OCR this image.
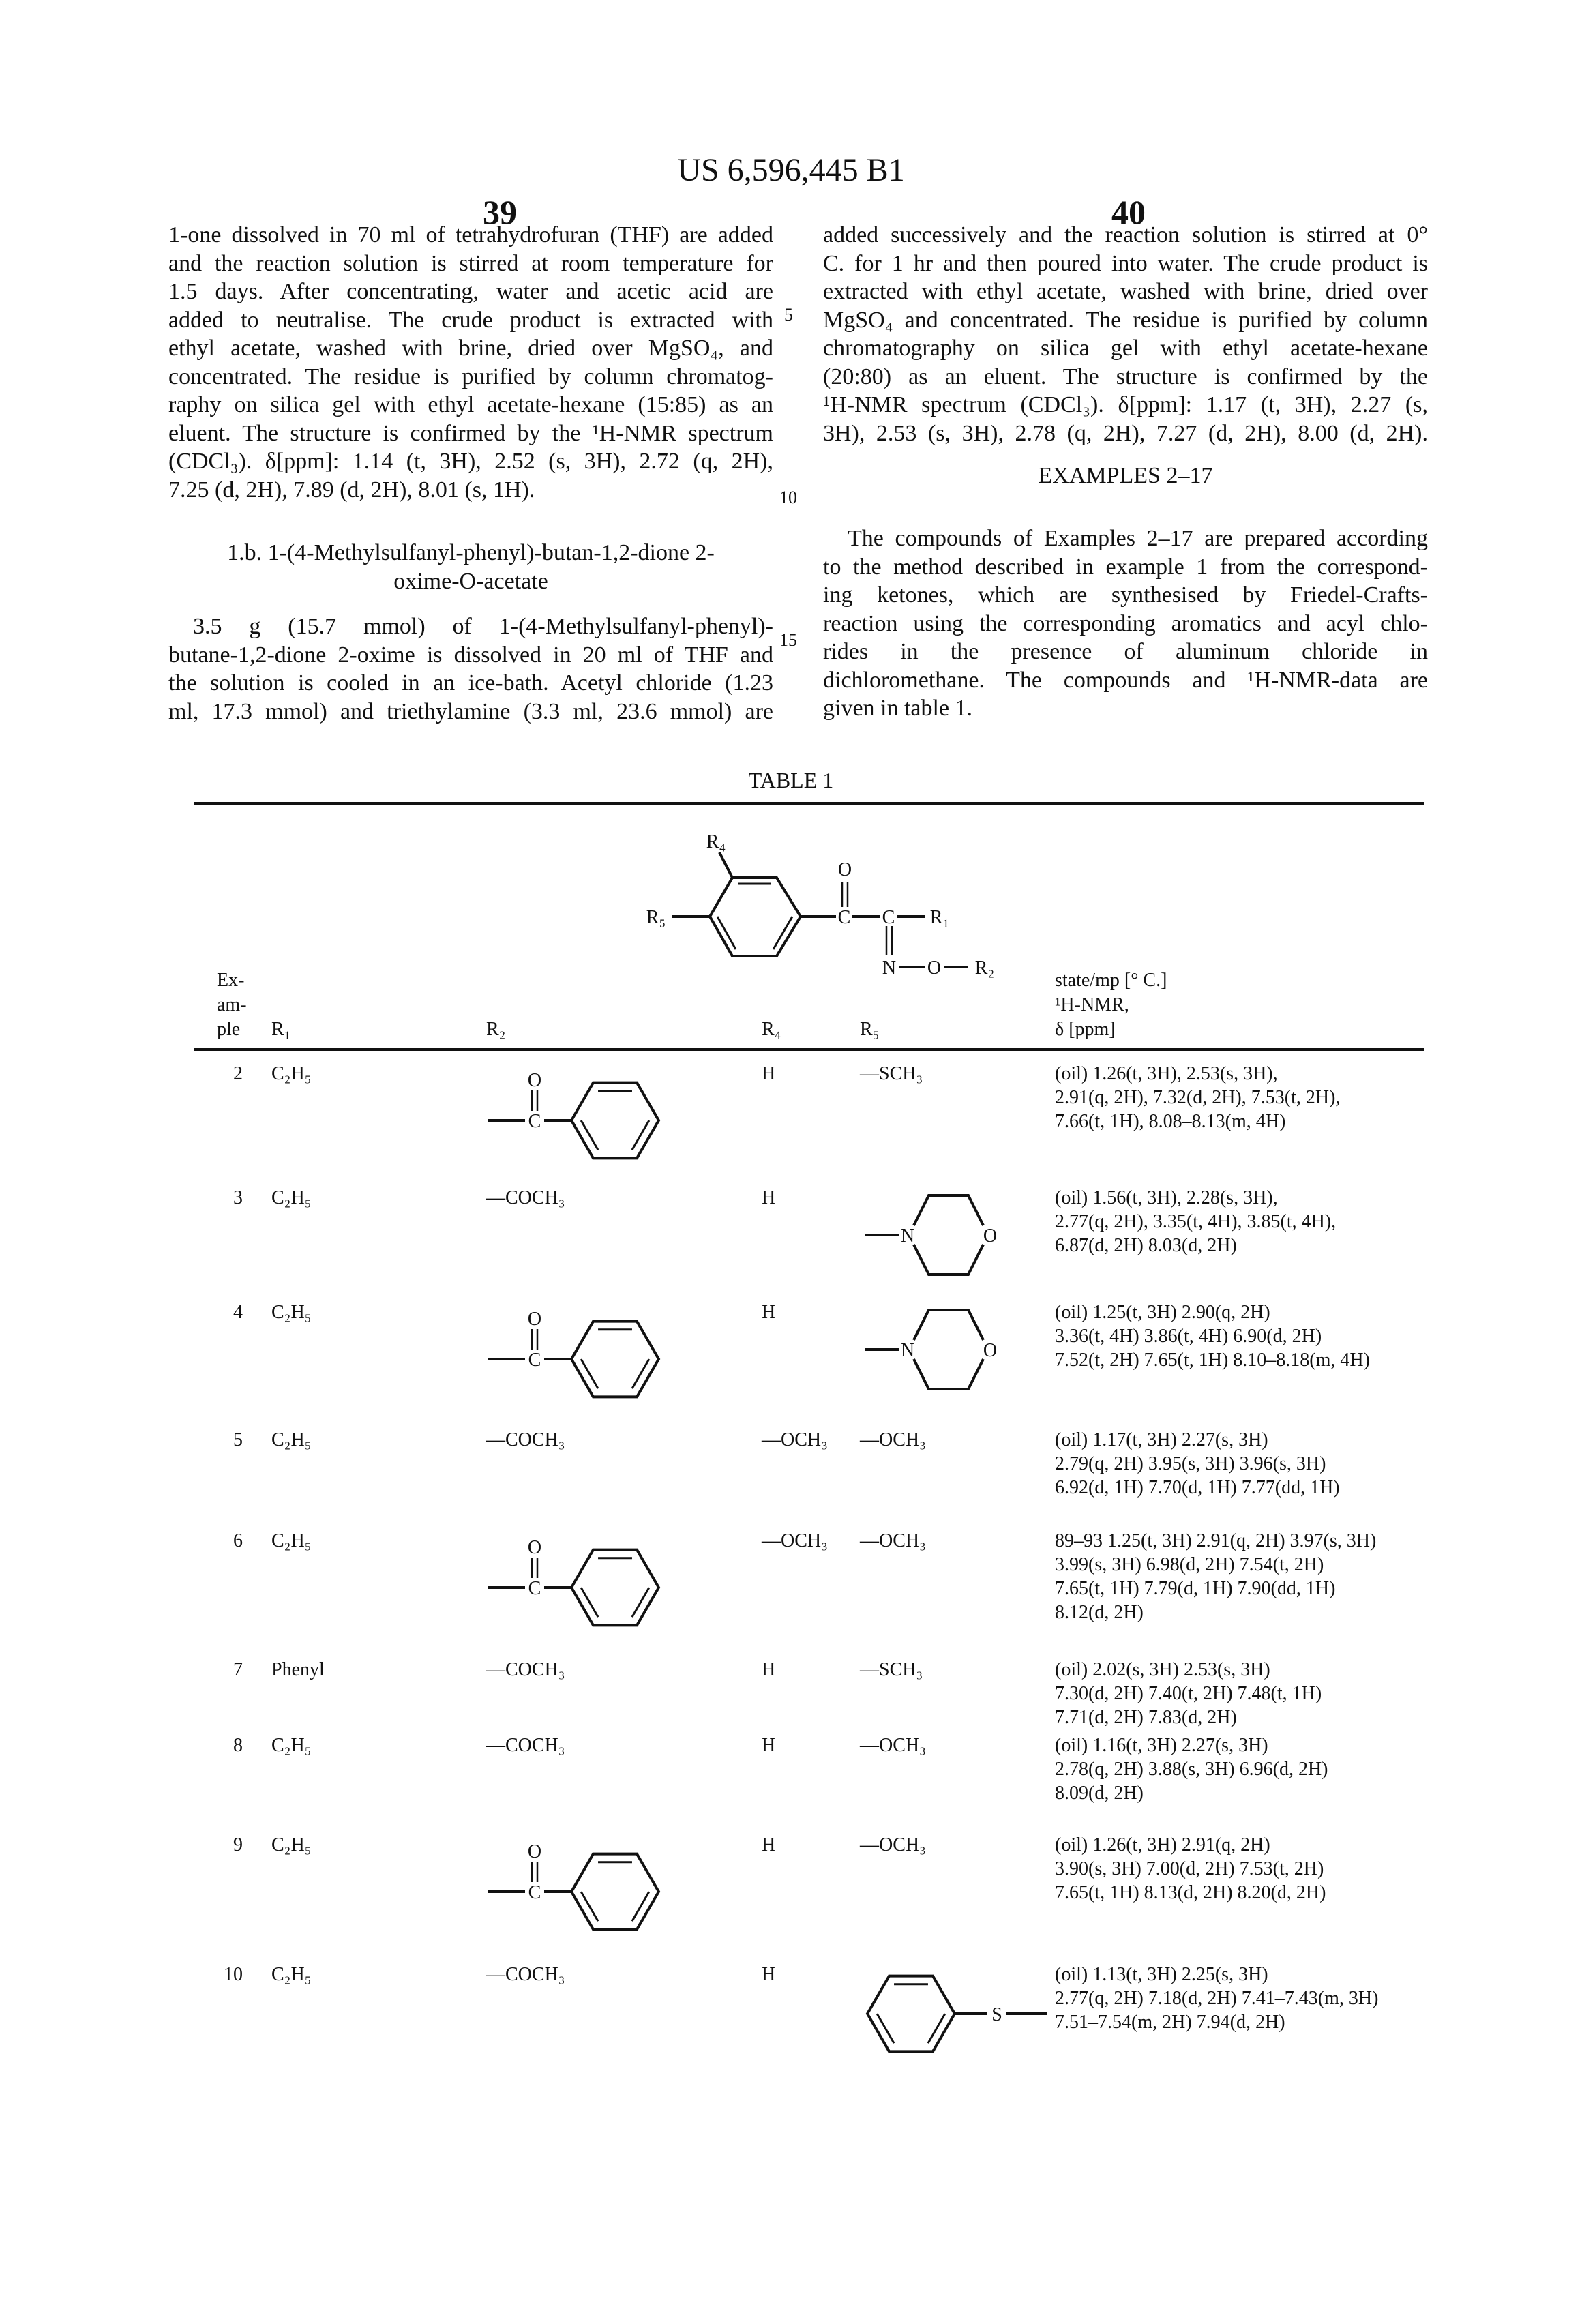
US 6,596,445 B1
39	40
1-one dissolved in 70 ml of tetrahydrofuran (THF) are added
and the reaction solution is stirred at room temperature for
1.5 days. After concentrating, water and acetic acid are
added to neutralise. The crude product is extracted with
ethyl acetate, washed with brine, dried over MgSO₄, and
concentrated. The residue is purified by column chromatog-
raphy on silica gel with ethyl acetate-hexane (15:85) as an
eluent. The structure is confirmed by the ¹H-NMR spectrum
(CDCl₃). δ[ppm]: 1.14 (t, 3H), 2.52 (s, 3H), 2.72 (q, 2H),
7.25 (d, 2H), 7.89 (d, 2H), 8.01 (s, 1H).
1.b. 1-(4-Methylsulfanyl-phenyl)-butan-1,2-dione 2-
oxime-O-acetate
3.5 g (15.7 mmol) of 1-(4-Methylsulfanyl-phenyl)-
butane-1,2-dione 2-oxime is dissolved in 20 ml of THF and
the solution is cooled in an ice-bath. Acetyl chloride (1.23
ml, 17.3 mmol) and triethylamine (3.3 ml, 23.6 mmol) are
added successively and the reaction solution is stirred at 0°
C. for 1 hr and then poured into water. The crude product is
extracted with ethyl acetate, washed with brine, dried over
MgSO₄ and concentrated. The residue is purified by column
chromatography on silica gel with ethyl acetate-hexane
(20:80) as an eluent. The structure is confirmed by the
¹H-NMR spectrum (CDCl₃). δ[ppm]: 1.17 (t, 3H), 2.27 (s,
3H), 2.53 (s, 3H), 2.78 (q, 2H), 7.27 (d, 2H), 8.00 (d, 2H).
EXAMPLES 2–17
The compounds of Examples 2–17 are prepared according
to the method described in example 1 from the correspond-
ing ketones, which are synthesised by Friedel-Crafts-
reaction using the corresponding aromatics and acyl chlo-
rides in the presence of aluminum chloride in
dichloromethane. The compounds and ¹H-NMR-data are
given in table 1.
5
10
15
TABLE 1
Ex-
am-
ple	R₁	R₂	R₄	R₅
state/mp [° C.]
¹H-NMR,
δ [ppm]
R₄
R₅
O
C C R₁
N O R₂
C
O
N	O
C
O
N	O
C
O
C
O
S
2 C₂H₅	H	—SCH₃	(oil) 1.26(t, 3H), 2.53(s, 3H),
2.91(q, 2H), 7.32(d, 2H), 7.53(t, 2H),
7.66(t, 1H), 8.08–8.13(m, 4H)
3 C₂H₅	—COCH₃	H	(oil) 1.56(t, 3H), 2.28(s, 3H),
2.77(q, 2H), 3.35(t, 4H), 3.85(t, 4H),
6.87(d, 2H) 8.03(d, 2H)
4 C₂H₅	H	(oil) 1.25(t, 3H) 2.90(q, 2H)
3.36(t, 4H) 3.86(t, 4H) 6.90(d, 2H)
7.52(t, 2H) 7.65(t, 1H) 8.10–8.18(m, 4H)
5 C₂H₅	—COCH₃	—OCH₃ —OCH₃	(oil) 1.17(t, 3H) 2.27(s, 3H)
2.79(q, 2H) 3.95(s, 3H) 3.96(s, 3H)
6.92(d, 1H) 7.70(d, 1H) 7.77(dd, 1H)
6 C₂H₅	—OCH₃ —OCH₃	89–93 1.25(t, 3H) 2.91(q, 2H) 3.97(s, 3H)
3.99(s, 3H) 6.98(d, 2H) 7.54(t, 2H)
7.65(t, 1H) 7.79(d, 1H) 7.90(dd, 1H)
8.12(d, 2H)
7 Phenyl	—COCH₃	H	—SCH₃	(oil) 2.02(s, 3H) 2.53(s, 3H)
7.30(d, 2H) 7.40(t, 2H) 7.48(t, 1H)
7.71(d, 2H) 7.83(d, 2H)
8 C₂H₅	—COCH₃	H	—OCH₃	(oil) 1.16(t, 3H) 2.27(s, 3H)
2.78(q, 2H) 3.88(s, 3H) 6.96(d, 2H)
8.09(d, 2H)
9 C₂H₅	H	—OCH₃	(oil) 1.26(t, 3H) 2.91(q, 2H)
3.90(s, 3H) 7.00(d, 2H) 7.53(t, 2H)
7.65(t, 1H) 8.13(d, 2H) 8.20(d, 2H)
10 C₂H₅	—COCH₃	H	(oil) 1.13(t, 3H) 2.25(s, 3H)
2.77(q, 2H) 7.18(d, 2H) 7.41–7.43(m, 3H)
7.51–7.54(m, 2H) 7.94(d, 2H)
